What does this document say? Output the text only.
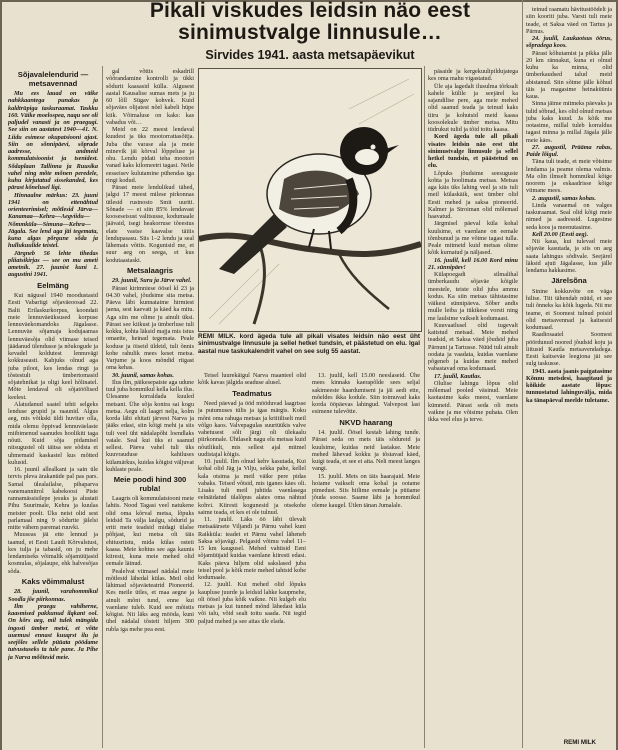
Pikali viskudes leidsin näo eest sinimustvalge linnusule…
Sirvides 1941. aasta metsapäevikut
Sõjavalelendurid — metsavennad

Mu ees lauad on väike nahkkaantega punakas ja kaldtrüpiga taskuraamat. Taskku 160. Väike moelospea, naqu see oli paljudel vanasti ja on praegugi. See siin on aastatest 1940—41. N. Liidu esimese okupatsiooni ajast. Siin on sõnnipäevi, sõprade aadresse, andmeid kommulatsioonist ja tsenidest. Sõdaplaan Tallinna ja Ruusika vahel ning mõte mõnen peredele, kuhu kirjutatud sissekanded, kes pärast kõnelusel ligi.

Hinnaalne märkus: 23. juuni 1941 on ettenähtud orienteerimisel; mõtlesid Järva—Kanamaa—Kehra—Aegviidu—Nõmmküla—Simuna—Kehra—Jägala. See lend aga jäi tegemata, kuna algas põrgune sõda ja hullukuulide teistel.

Järgneb 56 lehte tihedas pliiatsikirjas — see on mu ameti ametnik. 27. juunist kuni 1. augustini 1941.

Eelmäng

Kui nägusel 1940 moodustasid Eesti Vabariigi sõjaväeoosad 22. Balti Erilaskurkorpus, koondati meie lennuväeüksused korpuse lennuväekomandoks Jägalasse. Lennuväe sõjamaja kodujaamas lennuväesõja olid viimase teised jäädanud ülendusse ja nõukogude ja kevadel koldutest lennuvägi kokkuseasti. Kahjuks olnud aga juba piloot, kes lendas ringi ja tõstestult ümbertomasid sõjatehnikat ja oligi keel hõlinatel. Mõte lendaval oli sõjatöölised keelest.

Alatudanud saatel tehti selgeks lenduse grupid ja raaunid. Algus aeg, mis võikski üldi huvitav olla, mida olemu õppivad lennuväelaste miibimenud saanudes hoolikiti taga nõuti. Kuid sõja pidamisel niisugustel oli täitsa see sõdsta et uhmemaid kaskastel kus mõtted kulusid.

16. juunil allealkani ja sain üle tervis pleva ärakanüde pal pas pars. Samal ülealailalse, pihaparva vanemannitrol kabekoosi Piste rannamässisilepe jesuks ja alustati Pihu Suurimale, Kehra ja kuulas meister poolt. Üks neist olid sest parlamaal ning 9 sõdurite jälelsi mitte vähem paremat ruuvki.

Muuseas jäi ette lennud ja taanud, et Eesti Laudi Kõrvalstust, kes tulja ja tabasid, on ju mehe lendamiseks võimalik sõjamüüjasid kosmulas, sõjalaupe, ehk halvesõjas sõda.

Kaks võimmalust

28. juunil, varahommikul Soodla jõe piirkonnas.

Ilm praegu vahiherne, kaasmised pakkunud ilqkant ool. On kõrs aeg, mil tulek mängida ingosti ümber metsi, et võtte uuemusi ennast kuuqrst ilu ja seejõles sellele püüata pöödame tutvustuseks ta tule pane. Ja Pihe ja Narva mõõtesid meie.

gal võttis eskadrill võõrandamine kontrolli ja ükki sõdurit kaasasid külla. Algusest aastal Kausalise sumas mets ja ju 60 lõll Sügav kohvek. Kuid sõjaväes olijatest nõel kabeli hüpe kiik. Võimaluse on kaks: kas vabadus või…

Meid on 22 meest lendaval kuudest ja üks mootorrattasõitja. Juba ühe varase ala ja meie minevik jäi kõrval lõppeluse ja ohu. Lendu pidati teha mootori vanad kaks kilomeetri tagasi. Neile eesseisev kulutamine pühendas iga ringi kodud.

Pärast meie lendulikud tähed, jalgsi 17 meest milese pirkonnas ütlesid rustnosto Smit uuriti. Sõnade — ei siin 85% lendavast kooseseisust valitsusse, kodumaale jäävaid, isegi heakorruse tõeestus elate vastse kaavalse täiiis lendupasasu. Siis 1–2 lendu ja seal lähemais võttis. Kogunisid me, et suur aeg on seega, et kus kodutaastaski.

Metsalaagris

29. juunil, Suru ja Järve vahel.

Pärast kirimniese öösel kl 23 ja 04.30 vahel, jõudsime siia metsa. Päeva läbi kunnataime hirmiest jaena, sest kaevati ja käed ka mitu. Aga siin me olime ju ainult üksi. Pärast see kiikust ja ümberluse tuli kokku, kohta läksid majja mis istus omaette, heinad tegemata. Peale koduse ja öiseid üldeid, tuli õnnis kohe rahulik mees keset metsa. Varjume ja koos mõndid riigast oma kehas.

30. juunil, samas kohas.

Ilus ilm, päikesepaiste aga udune tuul juba hommikul kella kella ilus. Ülesanne korraldada kuuled metsani. Ühe sõja kontra sai kogu metsa. Aegu oli laagri nelja, kolm korda läbi ehitati järvest Narva ja jääks edasi, siin kõigi mehi ja siis tuli veel üht nädalapõhi loendlaks vaiale. Seal kui üks ei saanud sellest. Päeva vahel tuli üks kuuvrauduse kahtluses külamärkus, kuidas kõigist väljuvat kuhlaste peale.

Meie poodi hind 300 rubla!

Laagris oli kommulatsiooni meie lahtis. Nood Tagasi veel natukene olid oma kõrval metsa, lõpuks leidsid Ta välja laulgu, sõdurid ja eriti meie teadsid midagi ülalse põhjast, kui metsa oli täis ehitusriistu, mida külas osteti kaasa. Meie kohtus see aga kaunis kiiresti, kuna meie mehed olid eemale läinud.

Pealelvat viimasel nädalal meie mõtlesid lähedal külas. Meil olid lähimad sõjaväeteatrid Pioneerid. Kes meile ütles, et maa aegne ja ainult mõni tund, enne kui vaenlane tuleb. Kuid see mõistis kõigist. Nii läks aeg mööda, kuni ühel nädalal tõsteti hiljem 300 rubla iga mehe pea eest.

REMI MILK. kord ägeda tule all pikali visates leidsin näo eest üht sinimustvalge linnusule ja sellel hetkel tundsin, et päästetud on elu. Igal aastal nue taskukalendrit vahel on see sulg 55 aastat.

Teisel luurekäigul Narva maanteel olid kõik kavas jälgida seaduse alusel.

Teadmatus

Need päevad ja ööd mööduvad laagrisse ja putumuses tülis ja igas märgis. Koku mõni oma rahuga metsas ja kriitiliselt meil võlgo kaos. Valvepagulas suurtüükis valve vahetusest sõlt järgi oli ülekaalu piirkonnale. Ühtlaselt nagu elu metsas kuid nõutlikult, mis sellest ajal mitmel uudistajal kõigis.

10. juulil. Ilm olnud kehv kasutada, Kui kohal olid Jäg ja Vilju, sekka pahe, kellel kala otsima ja meil väike pere pidas vabaks. Teised võtsid, mis iganes käes oli. Lisaks tuli meil juhtida vaenlasega eelnäidatud ülalõpus alates oma nähtud kohvi. Kiiresti kogunesid ja otsekohe saime teada, et kes ei ole tulnud.

11. juulil. Läks öö läbi ülevalt metsaäärsete Viljandi ja Pärnu vahel kuni Raikküla: teadet et Pärnu vahel läheneb Saksa sõjavägi. Pelgasid võimu vahel 11–15 km kaugusel. Mehed vahtisid Eeni sõjamüüjaid kuidas vaenlane kiiresti edasi. Kaks päeva hiljem olid sakslased juba teisel pool ja kõik meie mehed tahtsid kohe kodumaale.

12. juulil. Kui mehed olid lõpuks kaupluse juurde ja leidsid lahke kaupmehe, oli öösel juba kõik vaikne. Nii kulgeb elu metsas ja kui tunned mõnd lähedast küla või talu, võid sealt toitu saada. Nii tegid paljud mehed ja see aitas üle elada.

13. juulil, kell 15.00 neeslaseid. Ühe mees kinnaks kaerapõlde sees seljal sakimeeste haardumiseni ja jäi aedi ette, mõeldes ikka kodule. Siin toimuvad kaks korda ööpäevas lahingud. Valvepost lasi esimene tulevõtte.

NKVD haarang

14. juulil. Öösel kestab lahing tunde. Pärast seda on mets täis sõdureid ja kuulsime, kuidas neid lastakse. Meie mehed lähevad kokku ja tõstavad käed, kuigi teada, et see ei aita. Neli meest langes vangi.

15. juulil. Mets on täis haarajaid. Meie hoiame vaikselt oma kohal ja ootame pimedust. Siis hiilime eemale ja püüame jõuda soosse. Saame läbi ja hommikul oleme kaugel. Ütlen tänan Jumalale.

päsaide ja kergekuulipildujatega kes oma mahu vigastatud.

Üle aja lagedalt ilusulma tõrksalt kahele külile ja seejärel ka sajandilise pere, aga meie mehed olid saanud teada ja teinud kaks tiiru ja kohutsid meid kaasa koosolekule ümber metsa. Mitu tüdrukut tulid ja tõid toitu kaasa.

Kord ägeda tule all pikali visates leidsin näo eest üht sinimustvalge linnusule ja sellel hetkel tundsin, et päästetud on elu.

Lõpuks jõudsime seesuguste kohta ja hoolimata metsas. Metsas aga käis üks lahing veel ja siis tuli meil külaskäik, sest ümber olid Eesti mehed ja saksa pioneerid. Kalmer ja Stroiman olid mõlemad haavatud.

Järgmisel päeval küla kohal kuulsime, et vaenlane on eemale tõmbunud ja me võime tagasi tulla. Peale mitmeid kuid metsas olime kõik kurnatud ja näljased.

16. juulil, kell 16.00 Kord minu 21. sünnipäev!

Külapoegadi silmalihal ümberkaudu sõjaväe kõigile meestele, teiste olid juba ammu kodus. Ka siin metsas tähistasime väikest sünnipäeva. Sõber andis mulle leiba ja tükikese vorsti ning me laulsime vaikselt kodumaast.

Kuuvaatlusel olid tugevalt kaitstud metsad. Meie mehed teadsid, et Saksa väed jõudsid juba Pärnuni ja Tartusse. Nüüd tuli ainult oodata ja vaadata, kuidas vaenlane põgeneb ja kuidas meie mehed vabastavad oma kodumaad.

17. juulil, Kautlas.

Olulise lahingu lõpus olid mõlemad pooled väsinud. Meie kaotasime kaks meest, vaenlane kümneid. Pärast seda oli mets vaikne ja me võisime puhata. Olen ikka veel elus ja terve.

teinud raamatu hävitustöödelt ja siin kooriti juba. Varsti tuli meie teade, et Saksa väed on Tartus ja Pärnus.

24. juulil, Laukaotsus öörus, sõpradega koos.

Pärast kõhutamist ja pikka jälle 20 km rännakut, kuna ei olnud kuhu ka minna, olid ümberkaudsed talud meid abistanud. Siin sõime jälle kõhud täis ja magasime heinaküünis kaua.

Sinna jäime mitmeks päevaks ja tulid sõbrad, kes olid olnud metsas juba kaks kuud. Ja kõik me ootasime, millal tuleb korraldus tagasi minna ja millal Jägala jälle meie käes.

27. augustil, Prääma rabas, Paide lõigul.

Täna tuli teade, et meie võtsime lendama ja peame olema valmis. Ma olin ilmselt hommikul kõige noorem ja eskaadrisse kõige viimane mees.

2. augustil, samas kohas.

Linda vanaemal on valges taskuraamat. Seal olid kõigi meie nimed ja aadressid. Lugesime seda koos ja meenutasime.

Kell 20.00 (Eesti aeg).

Nii kaua, kui tulevad meie sõjaväe kasutada, ja siis on aeg saata lahingus sõdivale. Seejärel läksid ajuti Jägalasse, kus jälle lendama hakkasime.

Järelsõna

Sinine kokkuvõte on väga hilise. Tiit tähendab nüüd, et see tuli õnneks ka kõik lugeda. Nii me teame, et Soomest tulnud poisid olid metsavennad ja kaitsesid kodumaad.

Raadiosaatel Soomest pöördunud noored jõudsid koju ja liitusid Kautla metsavendadega. Eesti kaitseväe leegiona jäi see sulg taskusse.

1943. aasta jaanis paigatasime Kõnnu metsdesi, haagitaud ja kõikide aastate lõpus: tunnustatud lahinguvälja, mida ka tänapäeval meelde tuletame.

REMI MILK
